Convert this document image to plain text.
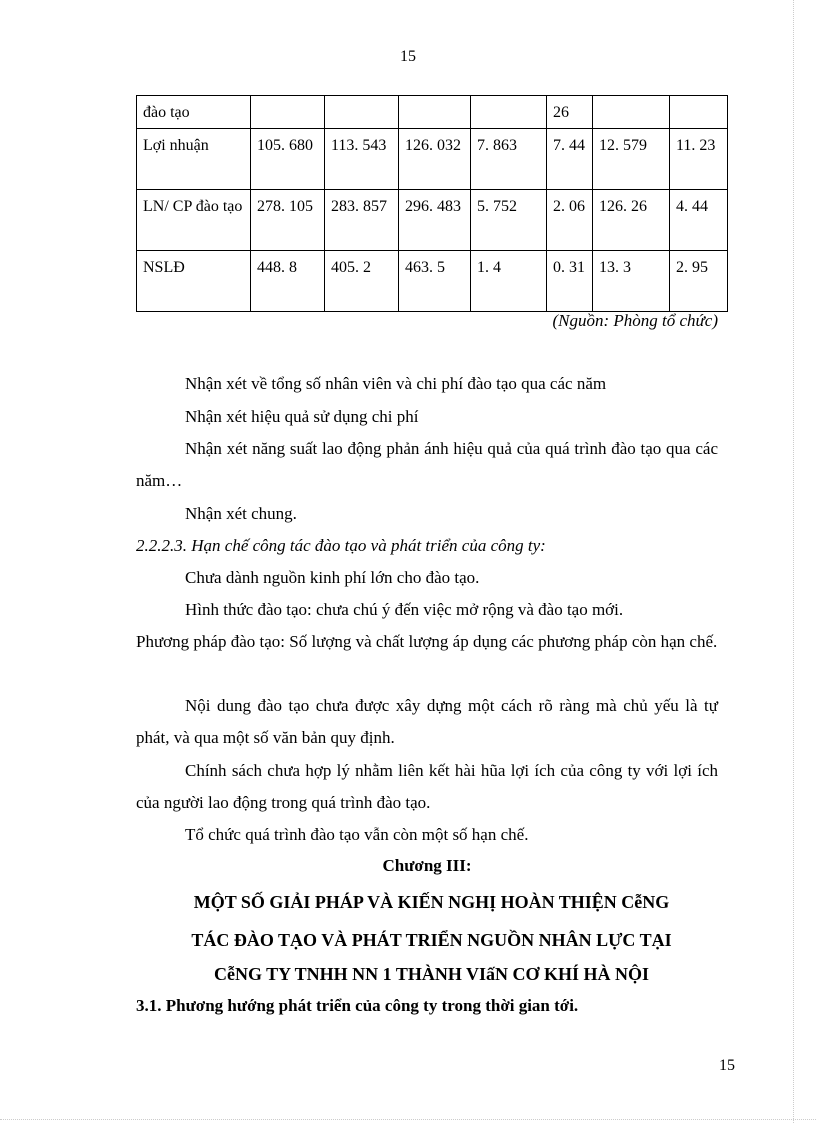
15
đào tạo					26		
Lợi nhuận	105. 680	113. 543	126. 032	7. 863	7. 44	12. 579	11. 23
LN/ CP đào tạo	278. 105	283. 857	296. 483	5. 752	2. 06	126. 26	4. 44
NSLĐ	448. 8	405. 2	463. 5	1. 4	0. 31	13. 3	2. 95
(Nguồn: Phòng tổ chức)
Nhận xét về tổng số nhân viên và chi phí đào tạo qua các năm
Nhận xét hiệu quả sử dụng chi phí
Nhận xét năng suất lao động phản ánh hiệu quả của quá trình đào tạo qua các năm…
Nhận xét chung.
2.2.2.3. Hạn chế công tác đào tạo và phát triển của công ty:
Chưa dành nguồn kinh phí lớn cho đào tạo.
Hình thức đào tạo: chưa chú ý đến việc mở rộng và đào tạo mới.
Phương pháp đào tạo: Số lượng và chất lượng áp dụng các phương pháp còn hạn chế.
Nội dung đào tạo chưa được xây dựng một cách rõ ràng mà chủ yếu là tự phát, và qua một số văn bản quy định.
Chính sách chưa hợp lý nhằm liên kết hài hũa lợi ích của công ty với lợi ích của người lao động trong quá trình đào tạo.
Tổ chức quá trình đào tạo vẫn còn một số hạn chế.
Chương III:
MỘT SỐ GIẢI PHÁP VÀ KIẾN NGHỊ HOÀN THIỆN CễNG
TÁC ĐÀO TẠO VÀ PHÁT TRIỂN NGUỒN NHÂN LỰC TẠI
CễNG TY TNHH NN 1 THÀNH VIấN CƠ KHÍ HÀ NỘI
3.1. Phương hướng phát triển của công ty trong thời gian tới.
15
